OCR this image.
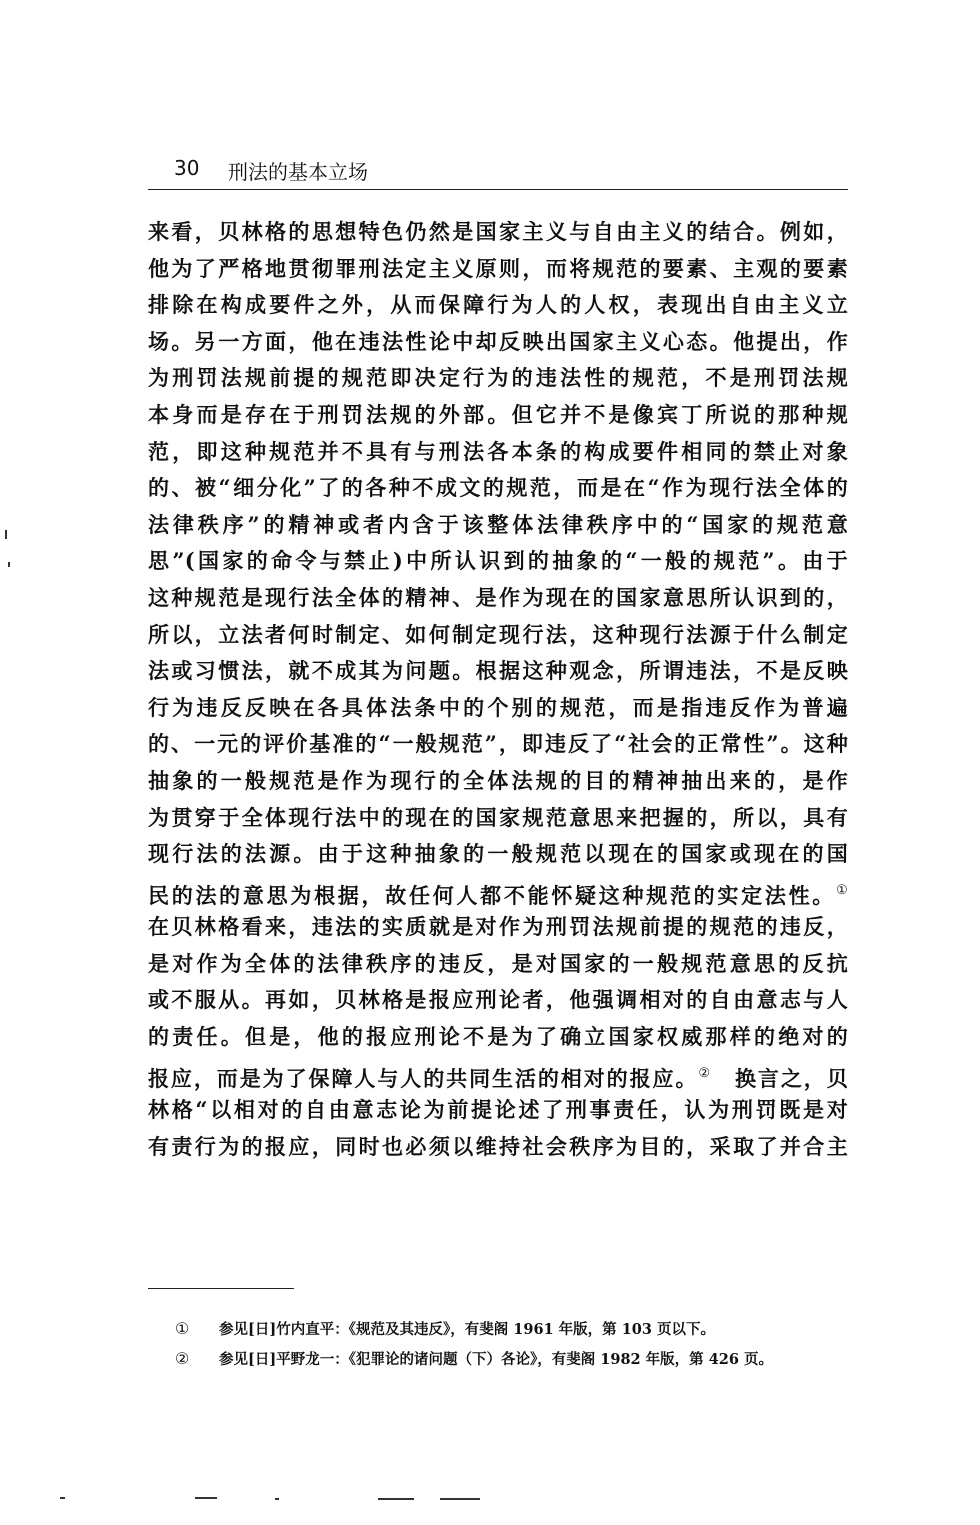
30 刑法的基本立场
来看，贝林格的思想特色仍然是国家主义与自由主义的结合。例如，
他为了严格地贯彻罪刑法定主义原则，而将规范的要素、主观的要素
排除在构成要件之外，从而保障行为人的人权，表现出自由主义立
场。另一方面，他在违法性论中却反映出国家主义心态。他提出，作
为刑罚法规前提的规范即决定行为的违法性的规范，不是刑罚法规
本身而是存在于刑罚法规的外部。但它并不是像宾丁所说的那种规
范，即这种规范并不具有与刑法各本条的构成要件相同的禁止对象
的、被“细分化”了的各种不成文的规范，而是在“作为现行法全体的
法律秩序”的精神或者内含于该整体法律秩序中的“国家的规范意
思”(国家的命令与禁止)中所认识到的抽象的“一般的规范”。由于
这种规范是现行法全体的精神、是作为现在的国家意思所认识到的，
所以，立法者何时制定、如何制定现行法，这种现行法源于什么制定
法或习惯法，就不成其为问题。根据这种观念，所谓违法，不是反映
行为违反反映在各具体法条中的个别的规范，而是指违反作为普遍
的、一元的评价基准的“一般规范”，即违反了“社会的正常性”。这种
抽象的一般规范是作为现行的全体法规的目的精神抽出来的，是作
为贯穿于全体现行法中的现在的国家规范意思来把握的，所以，具有
现行法的法源。由于这种抽象的一般规范以现在的国家或现在的国
民的法的意思为根据，故任何人都不能怀疑这种规范的实定法性。①
在贝林格看来，违法的实质就是对作为刑罚法规前提的规范的违反，
是对作为全体的法律秩序的违反，是对国家的一般规范意思的反抗
或不服从。再如，贝林格是报应刑论者，他强调相对的自由意志与人
的责任。但是，他的报应刑论不是为了确立国家权威那样的绝对的
报应，而是为了保障人与人的共同生活的相对的报应。②  换言之，贝
林格“以相对的自由意志论为前提论述了刑事责任，认为刑罚既是对
有责行为的报应，同时也必须以维持社会秩序为目的，采取了并合主
① 参见[日]竹内直平：《规范及其违反》，有斐阁 1961 年版，第 103 页以下。
② 参见[日]平野龙一：《犯罪论的诸问题（下）各论》，有斐阁 1982 年版，第 426 页。
